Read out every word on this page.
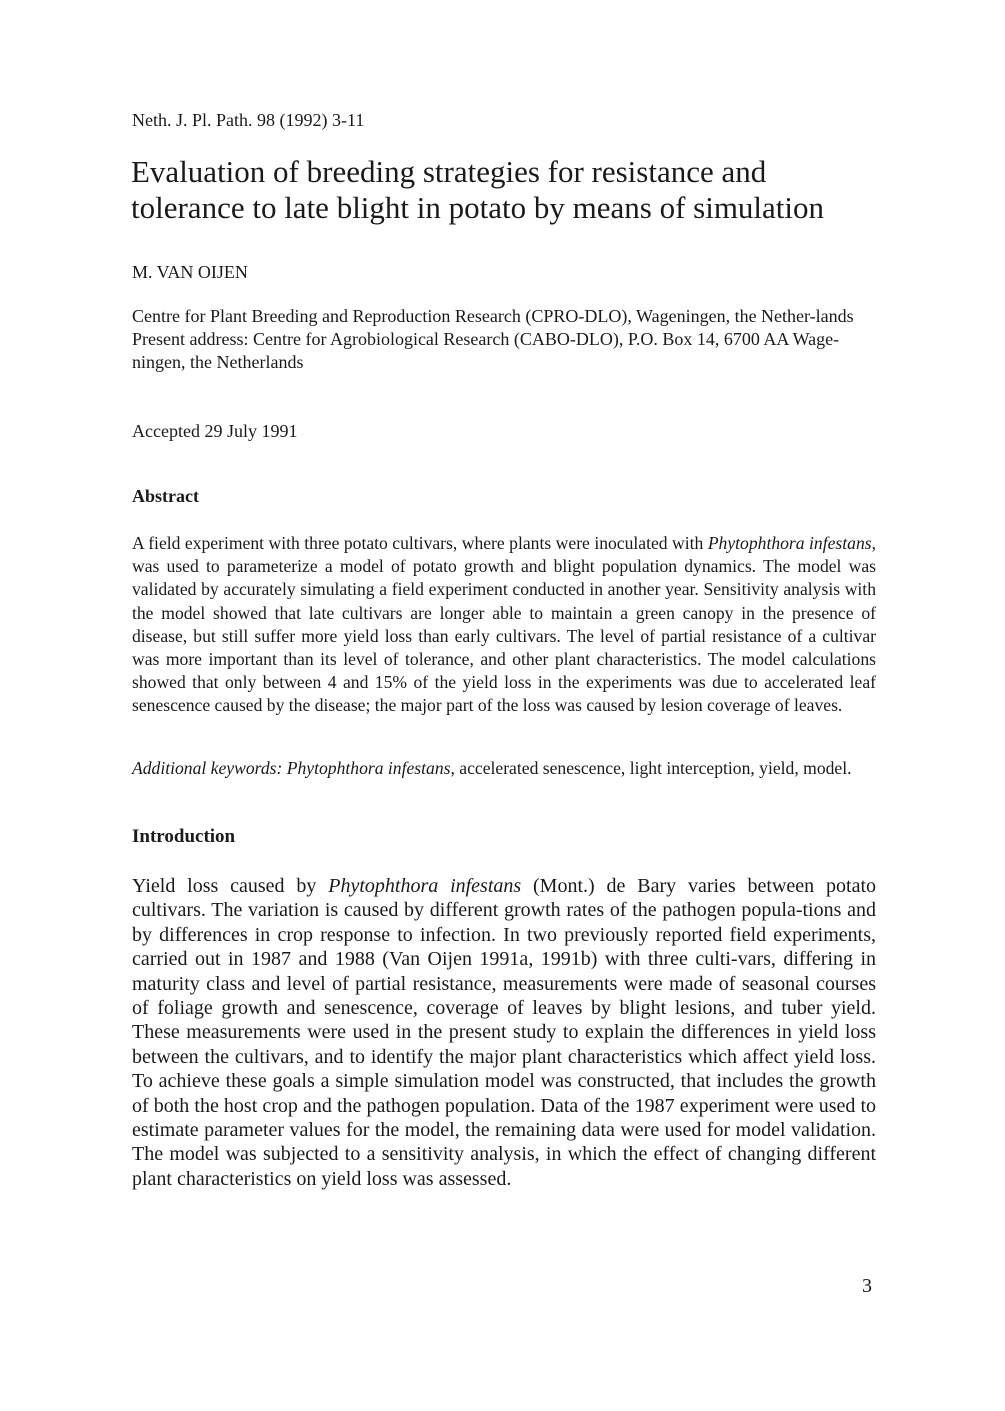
Neth. J. Pl. Path. 98 (1992) 3-11
Evaluation of breeding strategies for resistance and
tolerance to late blight in potato by means of simulation
M. VAN OIJEN
Centre for Plant Breeding and Reproduction Research (CPRO-DLO), Wageningen, the Nether-lands
Present address: Centre for Agrobiological Research (CABO-DLO), P.O. Box 14, 6700 AA Wage-ningen, the Netherlands
Accepted 29 July 1991
Abstract

A field experiment with three potato cultivars, where plants were inoculated with Phytophthora infestans, was used to parameterize a model of potato growth and blight population dynamics. The model was validated by accurately simulating a field experiment conducted in another year. Sensitivity analysis with the model showed that late cultivars are longer able to maintain a green canopy in the presence of disease, but still suffer more yield loss than early cultivars. The level of partial resistance of a cultivar was more important than its level of tolerance, and other plant characteristics. The model calculations showed that only between 4 and 15% of the yield loss in the experiments was due to accelerated leaf senescence caused by the disease; the major part of the loss was caused by lesion coverage of leaves.

Additional keywords: Phytophthora infestans, accelerated senescence, light interception, yield, model.

Introduction

Yield loss caused by Phytophthora infestans (Mont.) de Bary varies between potato cultivars. The variation is caused by different growth rates of the pathogen popula-tions and by differences in crop response to infection. In two previously reported field experiments, carried out in 1987 and 1988 (Van Oijen 1991a, 1991b) with three culti-vars, differing in maturity class and level of partial resistance, measurements were made of seasonal courses of foliage growth and senescence, coverage of leaves by blight lesions, and tuber yield. These measurements were used in the present study to explain the differences in yield loss between the cultivars, and to identify the major plant characteristics which affect yield loss. To achieve these goals a simple simulation model was constructed, that includes the growth of both the host crop and the pathogen population. Data of the 1987 experiment were used to estimate parameter values for the model, the remaining data were used for model validation. The model was subjected to a sensitivity analysis, in which the effect of changing different plant characteristics on yield loss was assessed.

3
